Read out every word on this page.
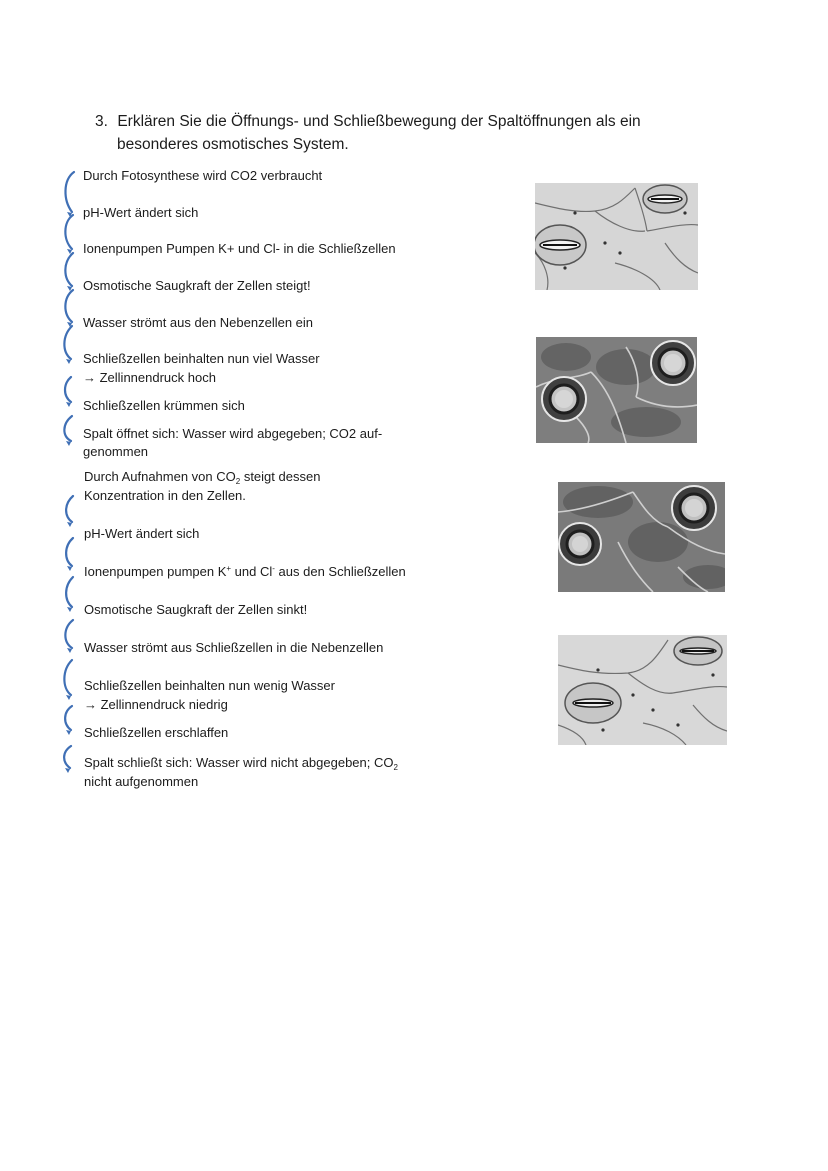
3. Erklären Sie die Öffnungs- und Schließbewegung der Spaltöffnungen als ein
besonderes osmotisches System.
Durch Fotosynthese wird CO2 verbraucht
pH-Wert ändert sich
Ionenpumpen Pumpen K+ und Cl- in die Schließzellen
Osmotische Saugkraft der Zellen steigt!
Wasser strömt aus den Nebenzellen ein
Schließzellen beinhalten nun viel Wasser
→ Zellinnendruck hoch
Schließzellen krümmen sich
Spalt öffnet sich: Wasser wird abgegeben; CO2 auf-
genommen
Durch Aufnahmen von $CO_2$ steigt dessen
Konzentration in den Zellen.
pH-Wert ändert sich
Ionenpumpen pumpen K+ und Cl- aus den Schließzellen
Osmotische Saugkraft der Zellen sinkt!
Wasser strömt aus Schließzellen in die Nebenzellen
Schließzellen beinhalten nun wenig Wasser
→ Zellinnendruck niedrig
Schließzellen erschlaffen
Spalt schließt sich: Wasser wird nicht abgegeben; $CO_2$
nicht aufgenommen
